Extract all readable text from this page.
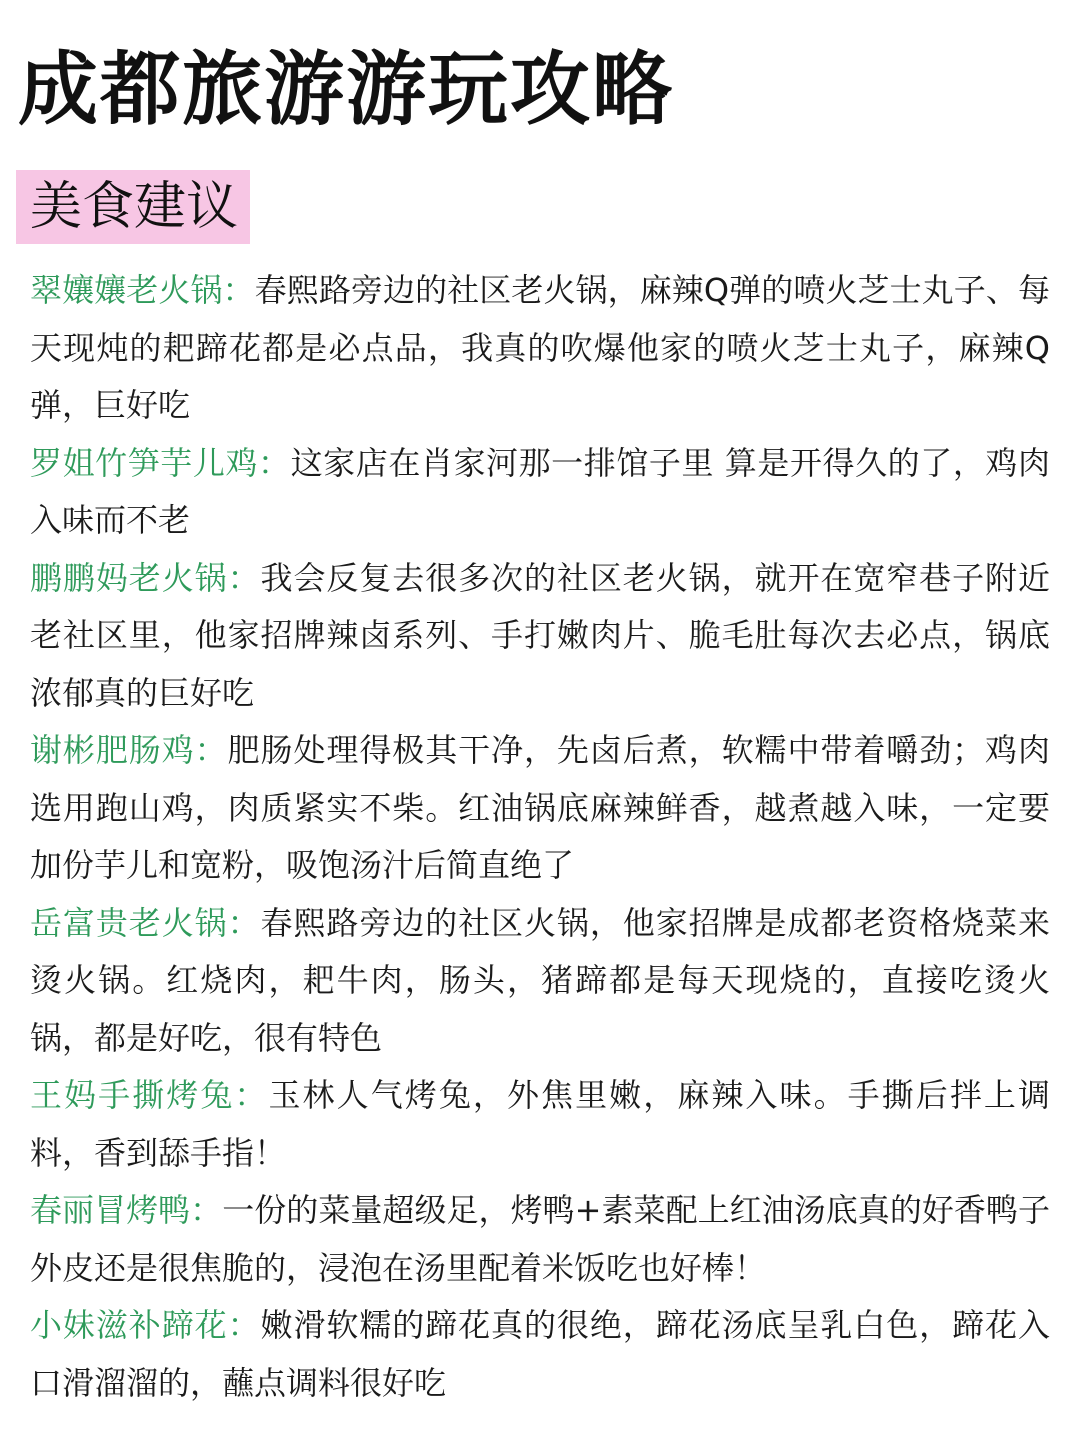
成都旅游游玩攻略
美食建议

翠孃孃老火锅：春熙路旁边的社区老火锅，麻辣Q弹的喷火芝士丸子、每天现炖的耙蹄花都是必点品，我真的吹爆他家的喷火芝士丸子，麻辣Q弹，巨好吃

罗姐竹笋芋儿鸡：这家店在肖家河那一排馆子里 算是开得久的了，鸡肉入味而不老

鹏鹏妈老火锅：我会反复去很多次的社区老火锅，就开在宽窄巷子附近老社区里，他家招牌辣卤系列、手打嫩肉片、脆毛肚每次去必点，锅底浓郁真的巨好吃

谢彬肥肠鸡：肥肠处理得极其干净，先卤后煮，软糯中带着嚼劲；鸡肉选用跑山鸡，肉质紧实不柴。红油锅底麻辣鲜香，越煮越入味，一定要加份芋儿和宽粉，吸饱汤汁后简直绝了

岳富贵老火锅：春熙路旁边的社区火锅，他家招牌是成都老资格烧菜来烫火锅。红烧肉，耙牛肉，肠头，猪蹄都是每天现烧的，直接吃烫火锅，都是好吃，很有特色

王妈手撕烤兔：玉林人气烤兔，外焦里嫩，麻辣入味。手撕后拌上调料，香到舔手指！

春丽冒烤鸭：一份的菜量超级足，烤鸭+素菜配上红油汤底真的好香鸭子外皮还是很焦脆的，浸泡在汤里配着米饭吃也好棒！

小妹滋补蹄花：嫩滑软糯的蹄花真的很绝，蹄花汤底呈乳白色，蹄花入口滑溜溜的，蘸点调料很好吃
